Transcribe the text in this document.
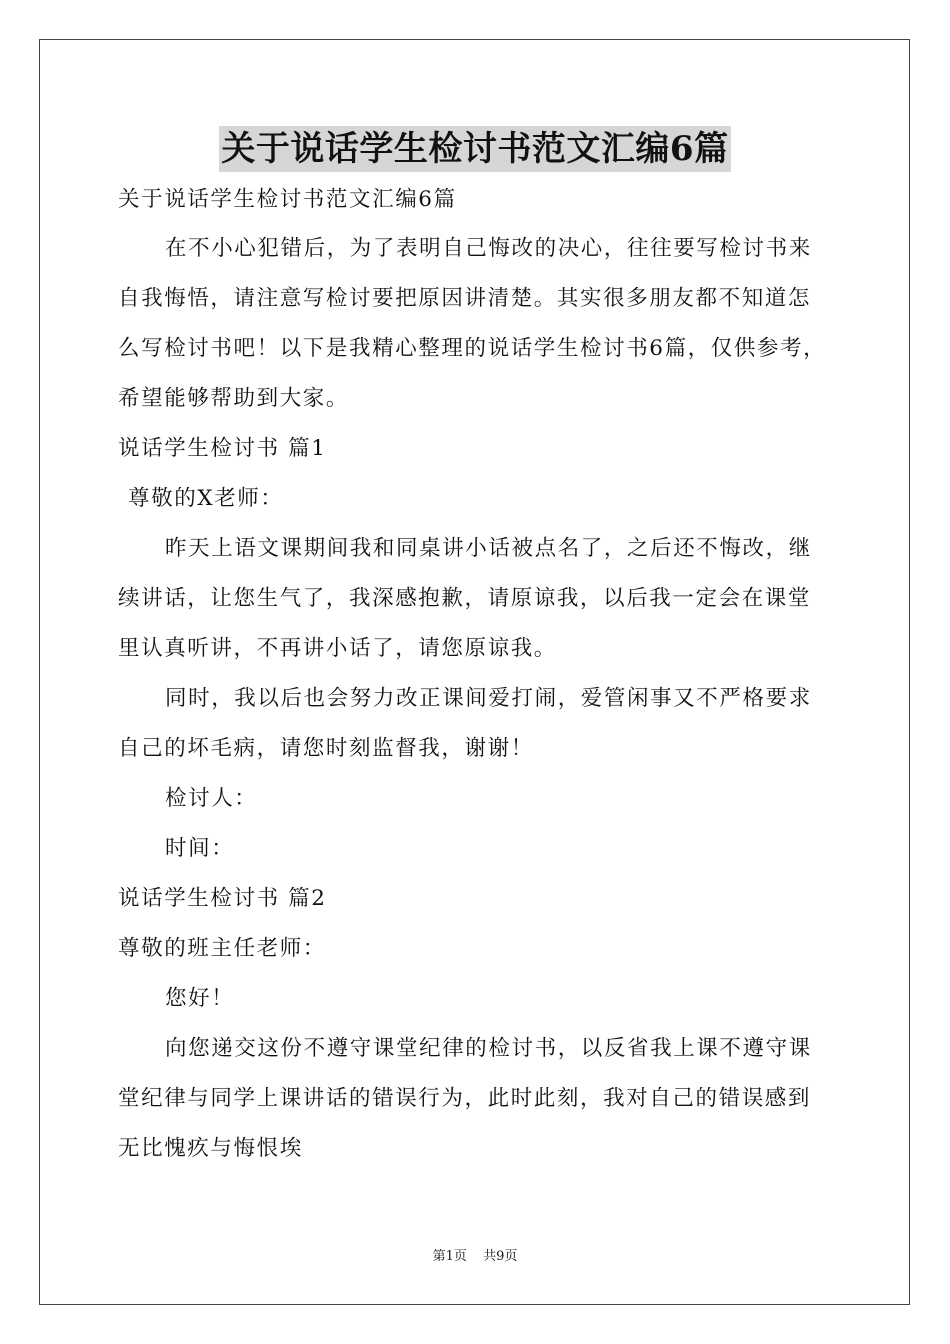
关于说话学生检讨书范文汇编6篇
关于说话学生检讨书范文汇编6篇
在不小心犯错后，为了表明自己悔改的决心，往往要写检讨书来
自我悔悟，请注意写检讨要把原因讲清楚。其实很多朋友都不知道怎
么写检讨书吧！以下是我精心整理的说话学生检讨书6篇，仅供参考，
希望能够帮助到大家。
说话学生检讨书 篇1
尊敬的X老师：
昨天上语文课期间我和同桌讲小话被点名了，之后还不悔改，继
续讲话，让您生气了，我深感抱歉，请原谅我，以后我一定会在课堂
里认真听讲，不再讲小话了，请您原谅我。
同时，我以后也会努力改正课间爱打闹，爱管闲事又不严格要求
自己的坏毛病，请您时刻监督我，谢谢！
检讨人：
时间：
说话学生检讨书 篇2
尊敬的班主任老师：
您好！
向您递交这份不遵守课堂纪律的检讨书，以反省我上课不遵守课
堂纪律与同学上课讲话的错误行为，此时此刻，我对自己的错误感到
无比愧疚与悔恨埃
第1页 共9页
